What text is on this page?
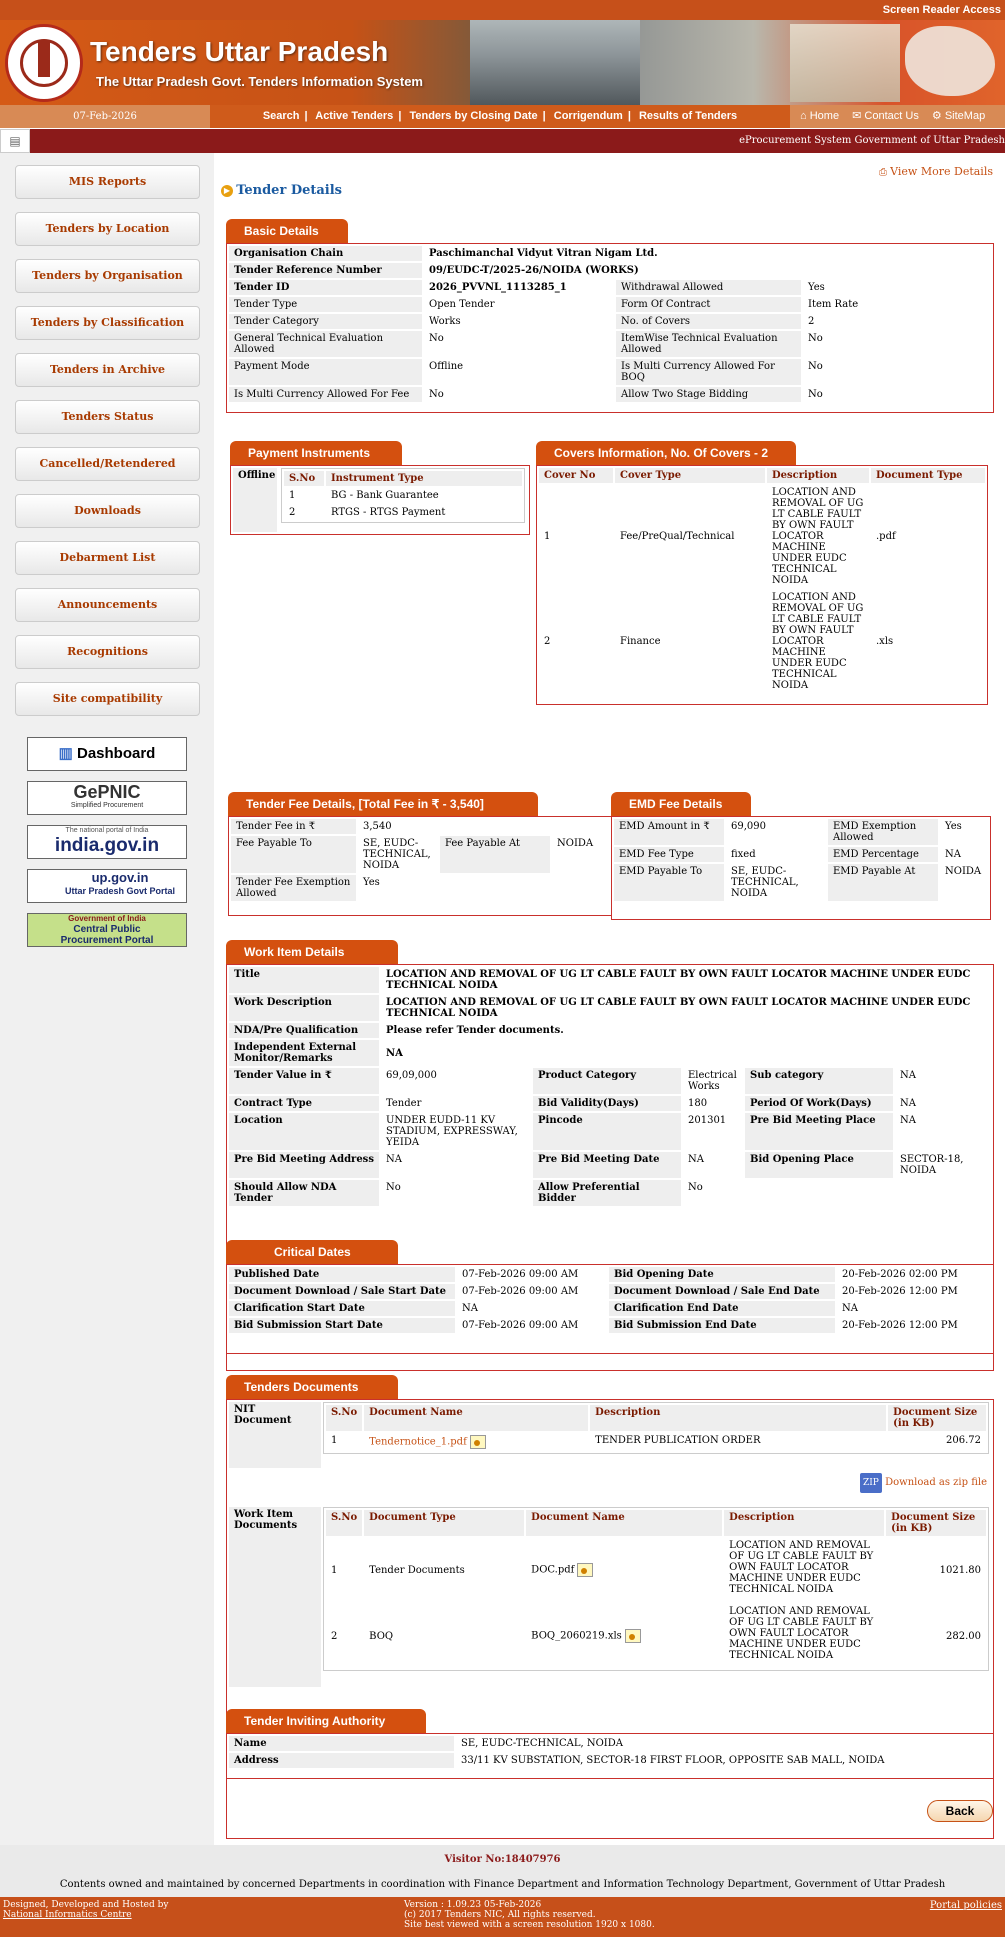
Screen Reader Access
Tenders Uttar Pradesh
The Uttar Pradesh Govt. Tenders Information System
07-Feb-2026	Search | Active Tenders | Tenders by Closing Date | Corrigendum | Results of Tenders	⌂ Home ✉ Contact Us ⚙ SiteMap
▤	eProcurement System Government of Uttar Pradesh
MIS Reports
Tenders by Location
Tenders by Organisation
Tenders by Classification
Tenders in Archive
Tenders Status
Cancelled/Retendered
Downloads
Debarment List
Announcements
Recognitions
Site compatibility
▥ Dashboard
GePNIC
Simplified Procurement
The national portal of India
india.gov.in
up.gov.in
Uttar Pradesh Govt Portal
Government of India
Central Public
Procurement Portal
⎙ View More Details
▶ Tender Details
Basic Details
Organisation Chain	Paschimanchal Vidyut Vitran Nigam Ltd.		
Tender Reference Number	09/EUDC-T/2025-26/NOIDA (WORKS)		
Tender ID	2026_PVVNL_1113285_1	Withdrawal Allowed	Yes
Tender Type	Open Tender	Form Of Contract	Item Rate
Tender Category	Works	No. of Covers	2
General Technical Evaluation Allowed	No	ItemWise Technical Evaluation Allowed	No
Payment Mode	Offline	Is Multi Currency Allowed For BOQ	No
Is Multi Currency Allowed For Fee	No	Allow Two Stage Bidding	No
Payment Instruments
Offline S.No	Instrument Type
1	BG - Bank Guarantee
2	RTGS - RTGS Payment
Covers Information, No. Of Covers - 2
Cover No	Cover Type	Description	Document Type
1	Fee/PreQual/Technical	LOCATION AND REMOVAL OF UG LT CABLE FAULT BY OWN FAULT LOCATOR MACHINE UNDER EUDC TECHNICAL NOIDA	.pdf
2	Finance	LOCATION AND REMOVAL OF UG LT CABLE FAULT BY OWN FAULT LOCATOR MACHINE UNDER EUDC TECHNICAL NOIDA	.xls
Tender Fee Details, [Total Fee in ₹ - 3,540]
Tender Fee in ₹	3,540		
Fee Payable To	SE, EUDC-TECHNICAL, NOIDA	Fee Payable At	NOIDA
Tender Fee Exemption Allowed	Yes		
EMD Fee Details
EMD Amount in ₹	69,090	EMD Exemption Allowed	Yes
EMD Fee Type	fixed	EMD Percentage	NA
EMD Payable To	SE, EUDC-TECHNICAL, NOIDA	EMD Payable At	NOIDA
Work Item Details
Title	LOCATION AND REMOVAL OF UG LT CABLE FAULT BY OWN FAULT LOCATOR MACHINE UNDER EUDC TECHNICAL NOIDA				
Work Description	LOCATION AND REMOVAL OF UG LT CABLE FAULT BY OWN FAULT LOCATOR MACHINE UNDER EUDC TECHNICAL NOIDA				
NDA/Pre Qualification	Please refer Tender documents.				
Independent External Monitor/Remarks	NA				
Tender Value in ₹	69,09,000	Product Category	Electrical Works	Sub category	NA
Contract Type	Tender	Bid Validity(Days)	180	Period Of Work(Days)	NA
Location	UNDER EUDD-11 KV STADIUM, EXPRESSWAY, YEIDA	Pincode	201301	Pre Bid Meeting Place	NA
Pre Bid Meeting Address	NA	Pre Bid Meeting Date	NA	Bid Opening Place	SECTOR-18, NOIDA
Should Allow NDA Tender	No	Allow Preferential Bidder	No		
Critical Dates
Published Date	07-Feb-2026 09:00 AM	Bid Opening Date	20-Feb-2026 02:00 PM
Document Download / Sale Start Date	07-Feb-2026 09:00 AM	Document Download / Sale End Date	20-Feb-2026 12:00 PM
Clarification Start Date	NA	Clarification End Date	NA
Bid Submission Start Date	07-Feb-2026 09:00 AM	Bid Submission End Date	20-Feb-2026 12:00 PM
Tenders Documents
NIT Document
S.No	Document Name	Description	Document Size (in KB)
1	Tendernotice_1.pdf	TENDER PUBLICATION ORDER	206.72
ZIP Download as zip file
Work Item Documents
S.No	Document Type	Document Name	Description	Document Size (in KB)
1	Tender Documents	DOC.pdf	LOCATION AND REMOVAL OF UG LT CABLE FAULT BY OWN FAULT LOCATOR MACHINE UNDER EUDC TECHNICAL NOIDA	1021.80
2	BOQ	BOQ_2060219.xls	LOCATION AND REMOVAL OF UG LT CABLE FAULT BY OWN FAULT LOCATOR MACHINE UNDER EUDC TECHNICAL NOIDA	282.00
Tender Inviting Authority
Name	SE, EUDC-TECHNICAL, NOIDA
Address	33/11 KV SUBSTATION, SECTOR-18 FIRST FLOOR, OPPOSITE SAB MALL, NOIDA
Back
Visitor No:18407976
Contents owned and maintained by concerned Departments in coordination with Finance Department and Information Technology Department, Government of Uttar Pradesh
Designed, Developed and Hosted by
National Informatics Centre
Version : 1.09.23 05-Feb-2026
(c) 2017 Tenders NIC, All rights reserved.
Site best viewed with a screen resolution 1920 x 1080.
Portal policies
